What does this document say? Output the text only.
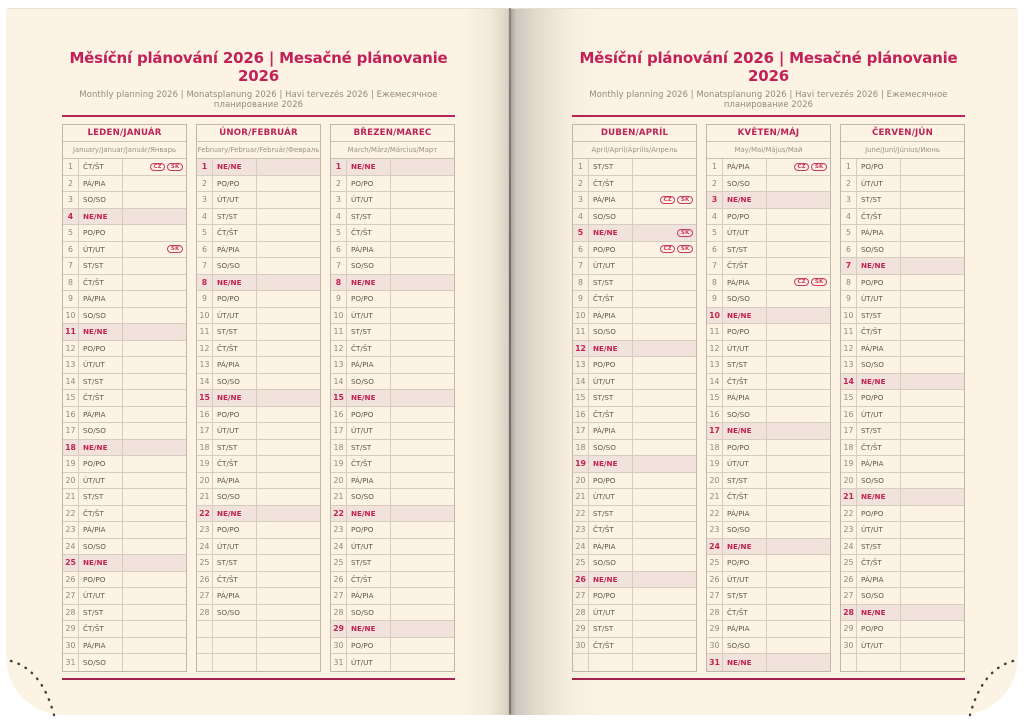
Měsíční plánování 2026 | Mesačné plánovanie 2026
Monthly planning 2026 | Monatsplanung 2026 | Havi tervezés 2026 | Ежемесячное планирование 2026
LEDEN/JANUÁR
January/Januar/Január/Январь
1	ČT/ŠT	CZ	SK
2	PÁ/PIA
3	SO/SO
4	NE/NE
5	PO/PO
6	ÚT/UT	SK
7	ST/ST
8	ČT/ŠT
9	PÁ/PIA
10	SO/SO
11 NE/NE
12	PO/PO
13	ÚT/UT
14	ST/ST
15	ČT/ŠT
16	PÁ/PIA
17	SO/SO
18 NE/NE
19	PO/PO
20	ÚT/UT
21	ST/ST
22	ČT/ŠT
23	PÁ/PIA
24	SO/SO
25 NE/NE
26	PO/PO
27	ÚT/UT
28	ST/ST
29	ČT/ŠT
30	PÁ/PIA
31	SO/SO
ÚNOR/FEBRUÁR
February/Februar/Február/Февраль
1	NE/NE
2	PO/PO
3	ÚT/UT
4	ST/ST
5	ČT/ŠT
6	PÁ/PIA
7	SO/SO
8	NE/NE
9	PO/PO
10	ÚT/UT
11	ST/ST
12	ČT/ŠT
13	PÁ/PIA
14	SO/SO
15 NE/NE
16	PO/PO
17	ÚT/UT
18	ST/ST
19	ČT/ŠT
20	PÁ/PIA
21	SO/SO
22 NE/NE
23	PO/PO
24	ÚT/UT
25	ST/ST
26	ČT/ŠT
27	PÁ/PIA
28	SO/SO
BŘEZEN/MAREC
March/März/Március/Март
1	NE/NE
2	PO/PO
3	ÚT/UT
4	ST/ST
5	ČT/ŠT
6	PÁ/PIA
7	SO/SO
8	NE/NE
9	PO/PO
10	ÚT/UT
11	ST/ST
12	ČT/ŠT
13	PÁ/PIA
14	SO/SO
15 NE/NE
16	PO/PO
17	ÚT/UT
18	ST/ST
19	ČT/ŠT
20	PÁ/PIA
21	SO/SO
22 NE/NE
23	PO/PO
24	ÚT/UT
25	ST/ST
26	ČT/ŠT
27	PÁ/PIA
28	SO/SO
29 NE/NE
30	PO/PO
31	ÚT/UT
Měsíční plánování 2026 | Mesačné plánovanie 2026
Monthly planning 2026 | Monatsplanung 2026 | Havi tervezés 2026 | Ежемесячное планирование 2026
DUBEN/APRÍL
April/April/Április/Апрель
1	ST/ST
2	ČT/ŠT
3	PÁ/PIA	CZ	SK
4	SO/SO
5	NE/NE	SK
6	PO/PO	CZ	SK
7	ÚT/UT
8	ST/ST
9	ČT/ŠT
10	PÁ/PIA
11	SO/SO
12 NE/NE
13	PO/PO
14	ÚT/UT
15	ST/ST
16	ČT/ŠT
17	PÁ/PIA
18	SO/SO
19 NE/NE
20	PO/PO
21	ÚT/UT
22	ST/ST
23	ČT/ŠT
24	PÁ/PIA
25	SO/SO
26 NE/NE
27	PO/PO
28	ÚT/UT
29	ST/ST
30	ČT/ŠT
KVĚTEN/MÁJ
May/Mai/Május/Май
1	PÁ/PIA	CZ	SK
2	SO/SO
3	NE/NE
4	PO/PO
5	ÚT/UT
6	ST/ST
7	ČT/ŠT
8	PÁ/PIA	CZ	SK
9	SO/SO
10 NE/NE
11	PO/PO
12	ÚT/UT
13	ST/ST
14	ČT/ŠT
15	PÁ/PIA
16	SO/SO
17 NE/NE
18	PO/PO
19	ÚT/UT
20	ST/ST
21	ČT/ŠT
22	PÁ/PIA
23	SO/SO
24 NE/NE
25	PO/PO
26	ÚT/UT
27	ST/ST
28	ČT/ŠT
29	PÁ/PIA
30	SO/SO
31 NE/NE
ČERVEN/JÚN
June/Juni/Június/Июнь
1	PO/PO
2	ÚT/UT
3	ST/ST
4	ČT/ŠT
5	PÁ/PIA
6	SO/SO
7	NE/NE
8	PO/PO
9	ÚT/UT
10	ST/ST
11	ČT/ŠT
12	PÁ/PIA
13	SO/SO
14 NE/NE
15	PO/PO
16	ÚT/UT
17	ST/ST
18	ČT/ŠT
19	PÁ/PIA
20	SO/SO
21 NE/NE
22	PO/PO
23	ÚT/UT
24	ST/ST
25	ČT/ŠT
26	PÁ/PIA
27	SO/SO
28 NE/NE
29	PO/PO
30	ÚT/UT
